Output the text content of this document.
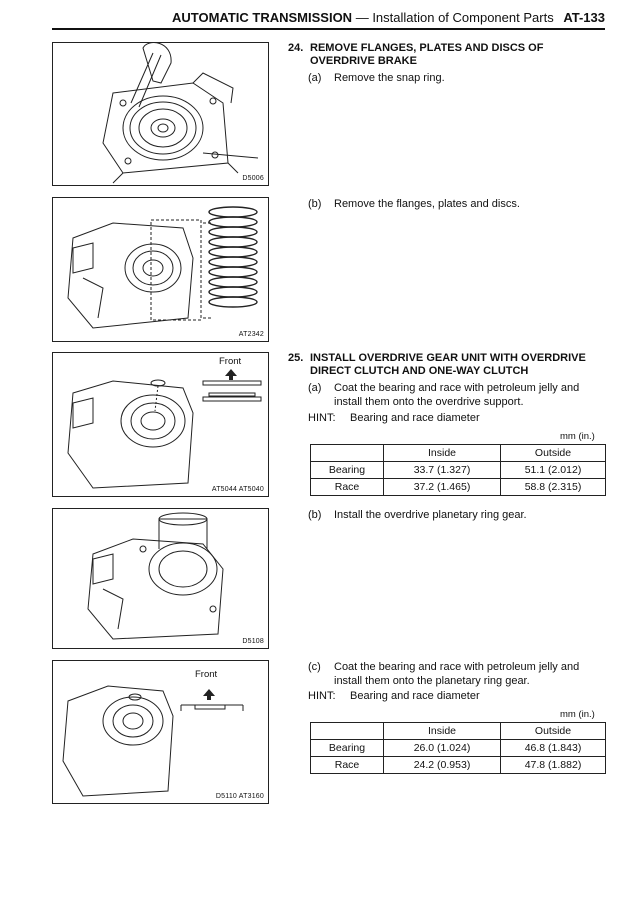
AUTOMATIC TRANSMISSION — Installation of Component Parts AT-133
D5006
AT2342
Front
AT5044 AT5040
D5108
Front
D5110 AT3160
24. REMOVE FLANGES, PLATES AND DISCS OF OVERDRIVE BRAKE
(a) Remove the snap ring.
(b) Remove the flanges, plates and discs.
25. INSTALL OVERDRIVE GEAR UNIT WITH OVERDRIVE DIRECT CLUTCH AND ONE-WAY CLUTCH
(a) Coat the bearing and race with petroleum jelly and install them onto the overdrive support.
HINT: Bearing and race diameter
mm (in.)
	Inside	Outside
Bearing	33.7 (1.327)	51.1 (2.012)
Race	37.2 (1.465)	58.8 (2.315)
(b) Install the overdrive planetary ring gear.
(c) Coat the bearing and race with petroleum jelly and install them onto the planetary ring gear.
HINT: Bearing and race diameter
mm (in.)
	Inside	Outside
Bearing	26.0 (1.024)	46.8 (1.843)
Race	24.2 (0.953)	47.8 (1.882)
